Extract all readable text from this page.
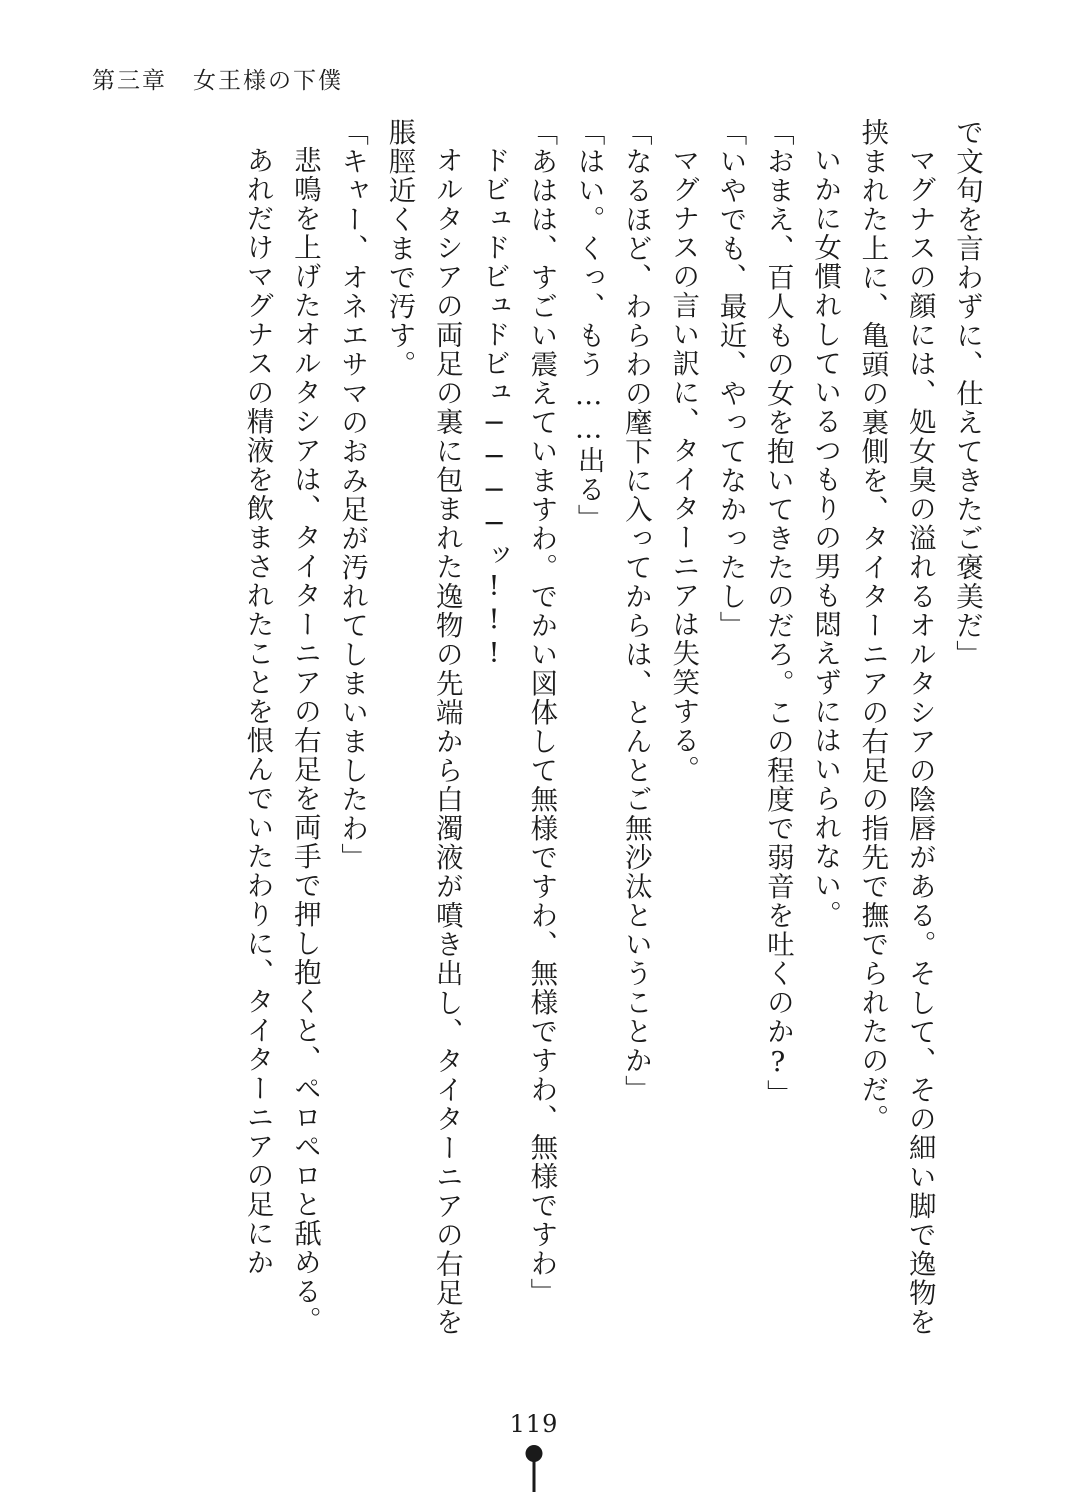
第三章 女王様の下僕

で文句を言わずに、仕えてきたご褒美だ」

マグナスの顔には、処女臭の溢れるオルタシアの陰唇がある。そして、その細い脚で逸物を挟まれた上に、亀頭の裏側を、タイターニアの右足の指先で撫でられたのだ。

いかに女慣れしているつもりの男も悶えずにはいられない。

「おまえ、百人もの女を抱いてきたのだろ。この程度で弱音を吐くのか?」

「いやでも、最近、やってなかったし」

マグナスの言い訳に、タイターニアは失笑する。

「なるほど、わらわの麾下に入ってからは、とんとご無沙汰ということか」

「はい。くっ、もう……出る」

「あはは、すごい震えていますわ。でかい図体して無様ですわ、無様ですわ、無様ですわ」

ドビュドビュドビュ────ッ!!!

オルタシアの両足の裏に包まれた逸物の先端から白濁液が噴き出し、タイターニアの右足を脹脛近くまで汚す。

「キャー、オネエサマのおみ足が汚れてしまいましたわ」

悲鳴を上げたオルタシアは、タイターニアの右足を両手で押し抱くと、ペロペロと舐める。

あれだけマグナスの精液を飲まされたことを恨んでいたわりに、タイターニアの足にか

119
